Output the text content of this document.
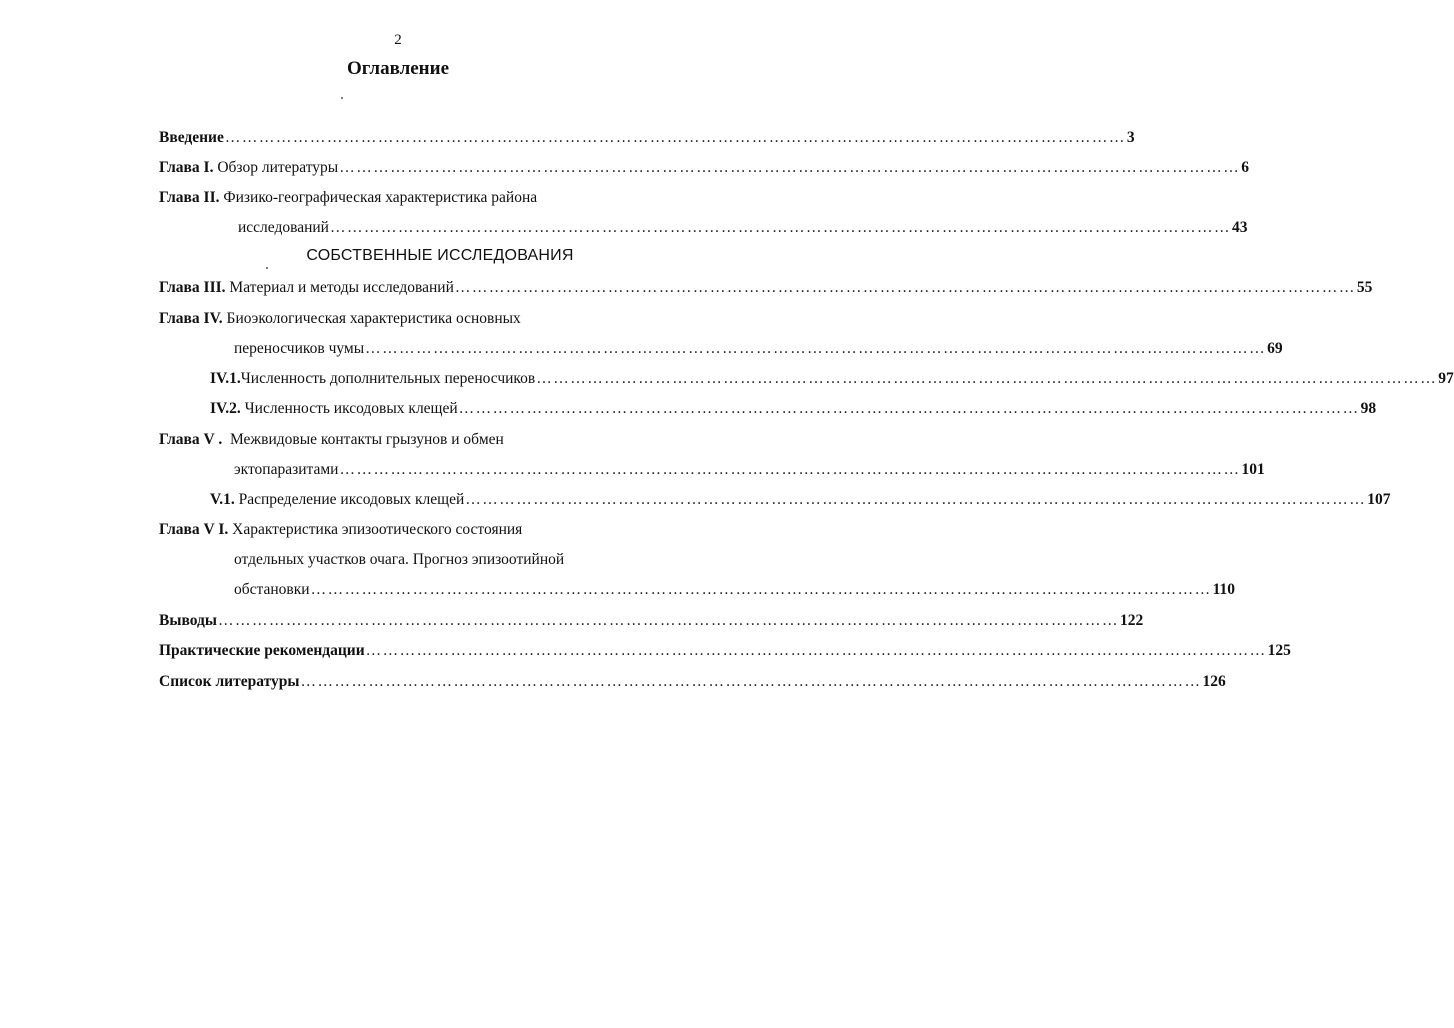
2
Оглавление
Введение …………………………………………………………………………………………………………………………………………… 3
Глава I. Обзор литературы …………………………………………………………………………………………………………………………………………… 6
Глава II. Физико-географическая характеристика района
исследований …………………………………………………………………………………………………………………………………………… 43
СОБСТВЕННЫЕ ИССЛЕДОВАНИЯ
Глава III. Материал и методы исследований …………………………………………………………………………………………………………………………………………… 55
Глава IV. Биоэкологическая характеристика основных
переносчиков чумы …………………………………………………………………………………………………………………………………………… 69
IV.1.Численность дополнительных переносчиков …………………………………………………………………………………………………………………………………………… 97
IV.2. Численность иксодовых клещей …………………………………………………………………………………………………………………………………………… 98
Глава V . Межвидовые контакты грызунов и обмен
эктопаразитами …………………………………………………………………………………………………………………………………………… 101
V.1. Распределение иксодовых клещей …………………………………………………………………………………………………………………………………………… 107
Глава V I. Характеристика эпизоотического состояния
отдельных участков очага. Прогноз эпизоотийной
обстановки …………………………………………………………………………………………………………………………………………… 110
Выводы …………………………………………………………………………………………………………………………………………… 122
Практические рекомендации …………………………………………………………………………………………………………………………………………… 125
Список литературы …………………………………………………………………………………………………………………………………………… 126
